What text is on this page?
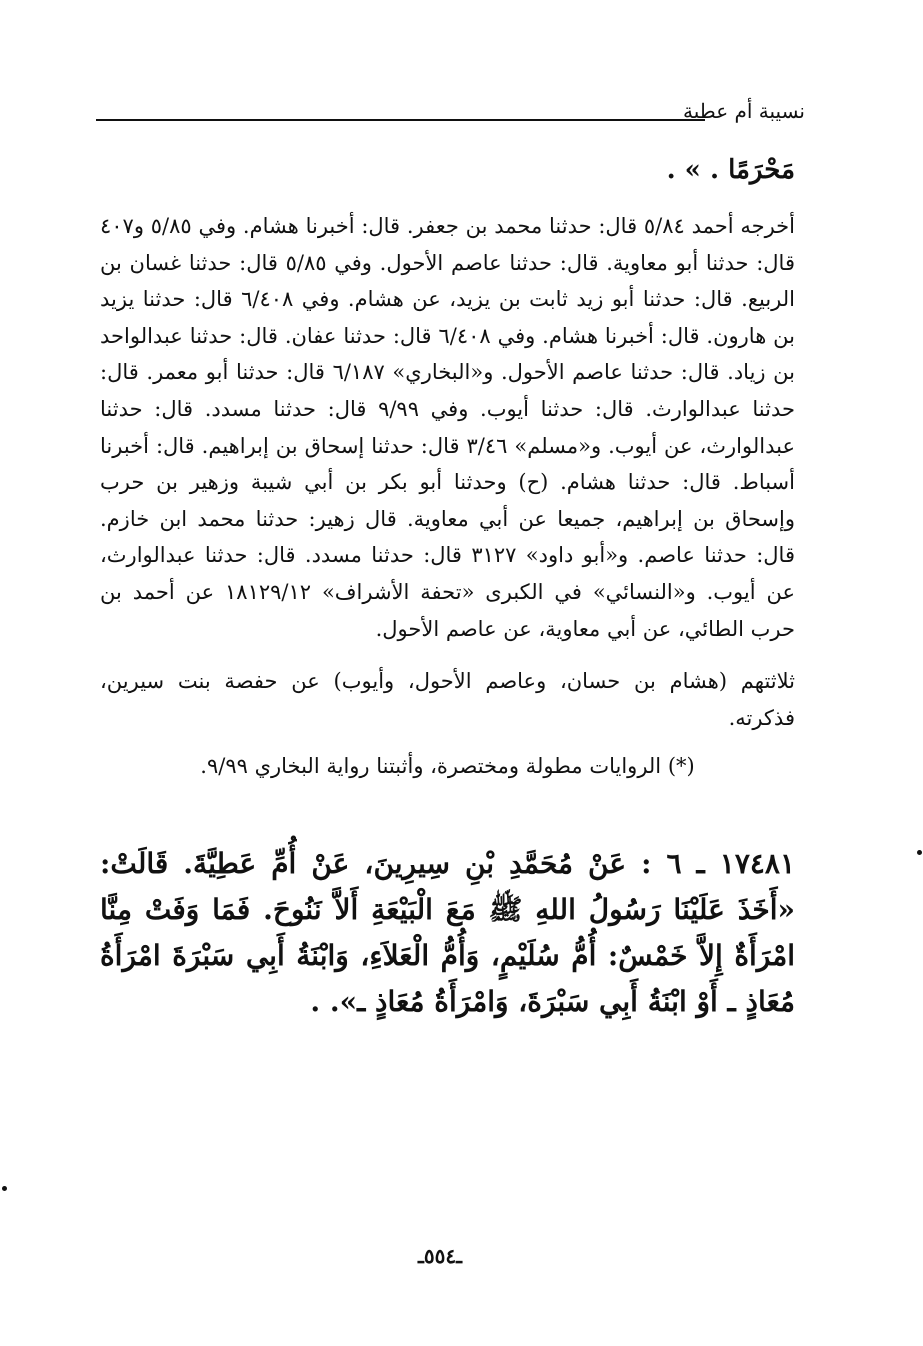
نسيبة أم عطية
مَحْرَمًا . » .

أخرجه أحمد ٥/٨٤ قال: حدثنا محمد بن جعفر. قال: أخبرنا هشام. وفي ٥/٨٥ و٤٠٧ قال: حدثنا أبو معاوية. قال: حدثنا عاصم الأحول. وفي ٥/٨٥ قال: حدثنا غسان بن الربيع. قال: حدثنا أبو زيد ثابت بن يزيد، عن هشام. وفي ٦/٤٠٨ قال: حدثنا يزيد بن هارون. قال: أخبرنا هشام. وفي ٦/٤٠٨ قال: حدثنا عفان. قال: حدثنا عبدالواحد بن زياد. قال: حدثنا عاصم الأحول. و«البخاري» ٦/١٨٧ قال: حدثنا أبو معمر. قال: حدثنا عبدالوارث. قال: حدثنا أيوب. وفي ٩/٩٩ قال: حدثنا مسدد. قال: حدثنا عبدالوارث، عن أيوب. و«مسلم» ٣/٤٦ قال: حدثنا إسحاق بن إبراهيم. قال: أخبرنا أسباط. قال: حدثنا هشام. (ح) وحدثنا أبو بكر بن أبي شيبة وزهير بن حرب وإسحاق بن إبراهيم، جميعا عن أبي معاوية. قال زهير: حدثنا محمد ابن خازم. قال: حدثنا عاصم. و«أبو داود» ٣١٢٧ قال: حدثنا مسدد. قال: حدثنا عبدالوارث، عن أيوب. و«النسائي» في الكبرى «تحفة الأشراف» ١٨١٢٩/١٢ عن أحمد بن حرب الطائي، عن أبي معاوية، عن عاصم الأحول.

ثلاثتهم (هشام بن حسان، وعاصم الأحول، وأيوب) عن حفصة بنت سيرين، فذكرته.

(*) الروايات مطولة ومختصرة، وأثبتنا رواية البخاري ٩/٩٩.

١٧٤٨١ ـ ٦ : عَنْ مُحَمَّدِ بْنِ سِيرِينَ، عَنْ أُمِّ عَطِيَّةَ. قَالَتْ: «أَخَذَ عَلَيْنَا رَسُولُ اللهِ ﷺ مَعَ الْبَيْعَةِ أَلاَّ نَنُوحَ. فَمَا وَفَتْ مِنَّا امْرَأَةٌ إِلاَّ خَمْسٌ: أُمُّ سُلَيْمٍ، وَأُمُّ الْعَلاَءِ، وَابْنَةُ أَبِي سَبْرَةَ امْرَأَةُ مُعَاذٍ ـ أَوْ ابْنَةُ أَبِي سَبْرَةَ، وَامْرَأَةُ مُعَاذٍ ـ». .
ـ٥٥٤ـ
